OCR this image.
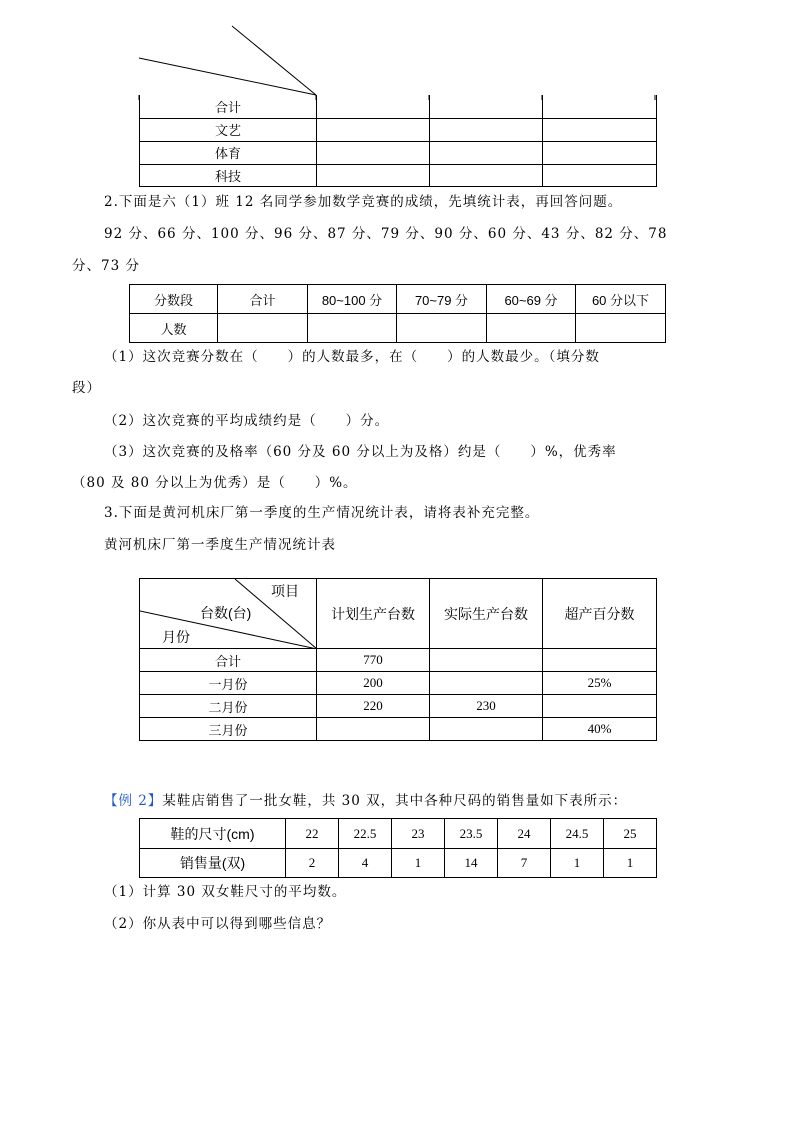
合计			
文艺			
体育			
科技			
2.下面是六（1）班 12 名同学参加数学竞赛的成绩，先填统计表，再回答问题。
92 分、66 分、100 分、96 分、87 分、79 分、90 分、60 分、43 分、82 分、78
分、73 分
分数段	合计	80~100 分	70~79 分	60~69 分	60 分以下
人数					
（1）这次竞赛分数在（　　）的人数最多，在（　　）的人数最少。（填分数
段）
（2）这次竞赛的平均成绩约是（　　）分。
（3）这次竞赛的及格率（60 分及 60 分以上为及格）约是（　　）%，优秀率
（80 及 80 分以上为优秀）是（　　）%。
3.下面是黄河机床厂第一季度的生产情况统计表，请将表补充完整。
黄河机床厂第一季度生产情况统计表
项目
台数(台)
月份	计划生产台数	实际生产台数	超产百分数
合计	770		
一月份	200		25%
二月份	220	230	
三月份			40%
【例 2】某鞋店销售了一批女鞋，共 30 双，其中各种尺码的销售量如下表所示：
鞋的尺寸(cm)	22	22.5	23	23.5	24	24.5	25
销售量(双)	2	4	1	14	7	1	1
（1）计算 30 双女鞋尺寸的平均数。
（2）你从表中可以得到哪些信息？
